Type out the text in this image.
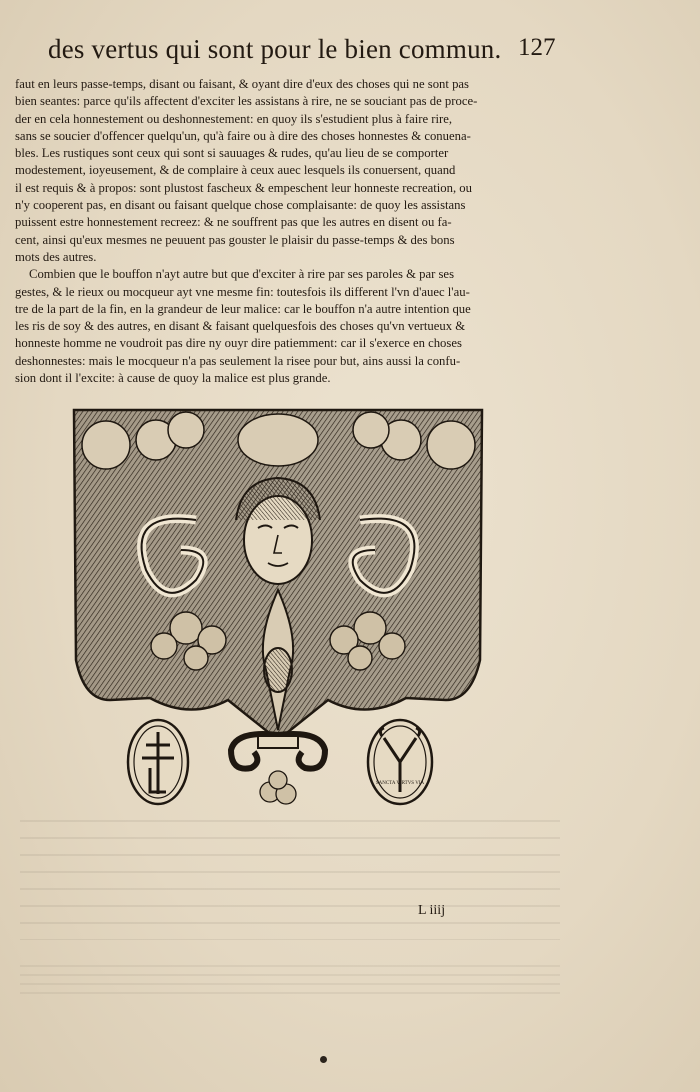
des vertus qui sont pour le bien commun. 127
faut en leurs passe-temps, disant ou faisant, & oyant dire d'eux des choses qui ne sont pas
bien seantes: parce qu'ils affectent d'exciter les assistans à rire, ne se souciant pas de proce-
der en cela honnestement ou deshonnestement: en quoy ils s'estudient plus à faire rire,
sans se soucier d'offencer quelqu'un, qu'à faire ou à dire des choses honnestes & conuena-
bles. Les rustiques sont ceux qui sont si sauuages & rudes, qu'au lieu de se comporter
modestement, ioyeusement, & de complaire à ceux auec lesquels ils conuersent, quand
il est requis & à propos: sont plustost fascheux & empeschent leur honneste recreation, ou
n'y cooperent pas, en disant ou faisant quelque chose complaisante: de quoy les assistans
puissent estre honnestement recreez: & ne souffrent pas que les autres en disent ou fa-
cent, ainsi qu'eux mesmes ne peuuent pas gouster le plaisir du passe-temps & des bons
mots des autres.
Combien que le bouffon n'ayt autre but que d'exciter à rire par ses paroles & par ses
gestes, & le rieux ou mocqueur ayt vne mesme fin: toutesfois ils different l'vn d'auec l'au-
tre de la part de la fin, en la grandeur de leur malice: car le bouffon n'a autre intention que
les ris de soy & des autres, en disant & faisant quelquesfois des choses qu'vn vertueux &
honneste homme ne voudroit pas dire ny ouyr dire patiemment: car il s'exerce en choses
deshonnestes: mais le mocqueur n'a pas seulement la risee pour but, ains aussi la confu-
sion dont il l'excite: à cause de quoy la malice est plus grande.
SANCTA VIRTVS VIA
L iiij
